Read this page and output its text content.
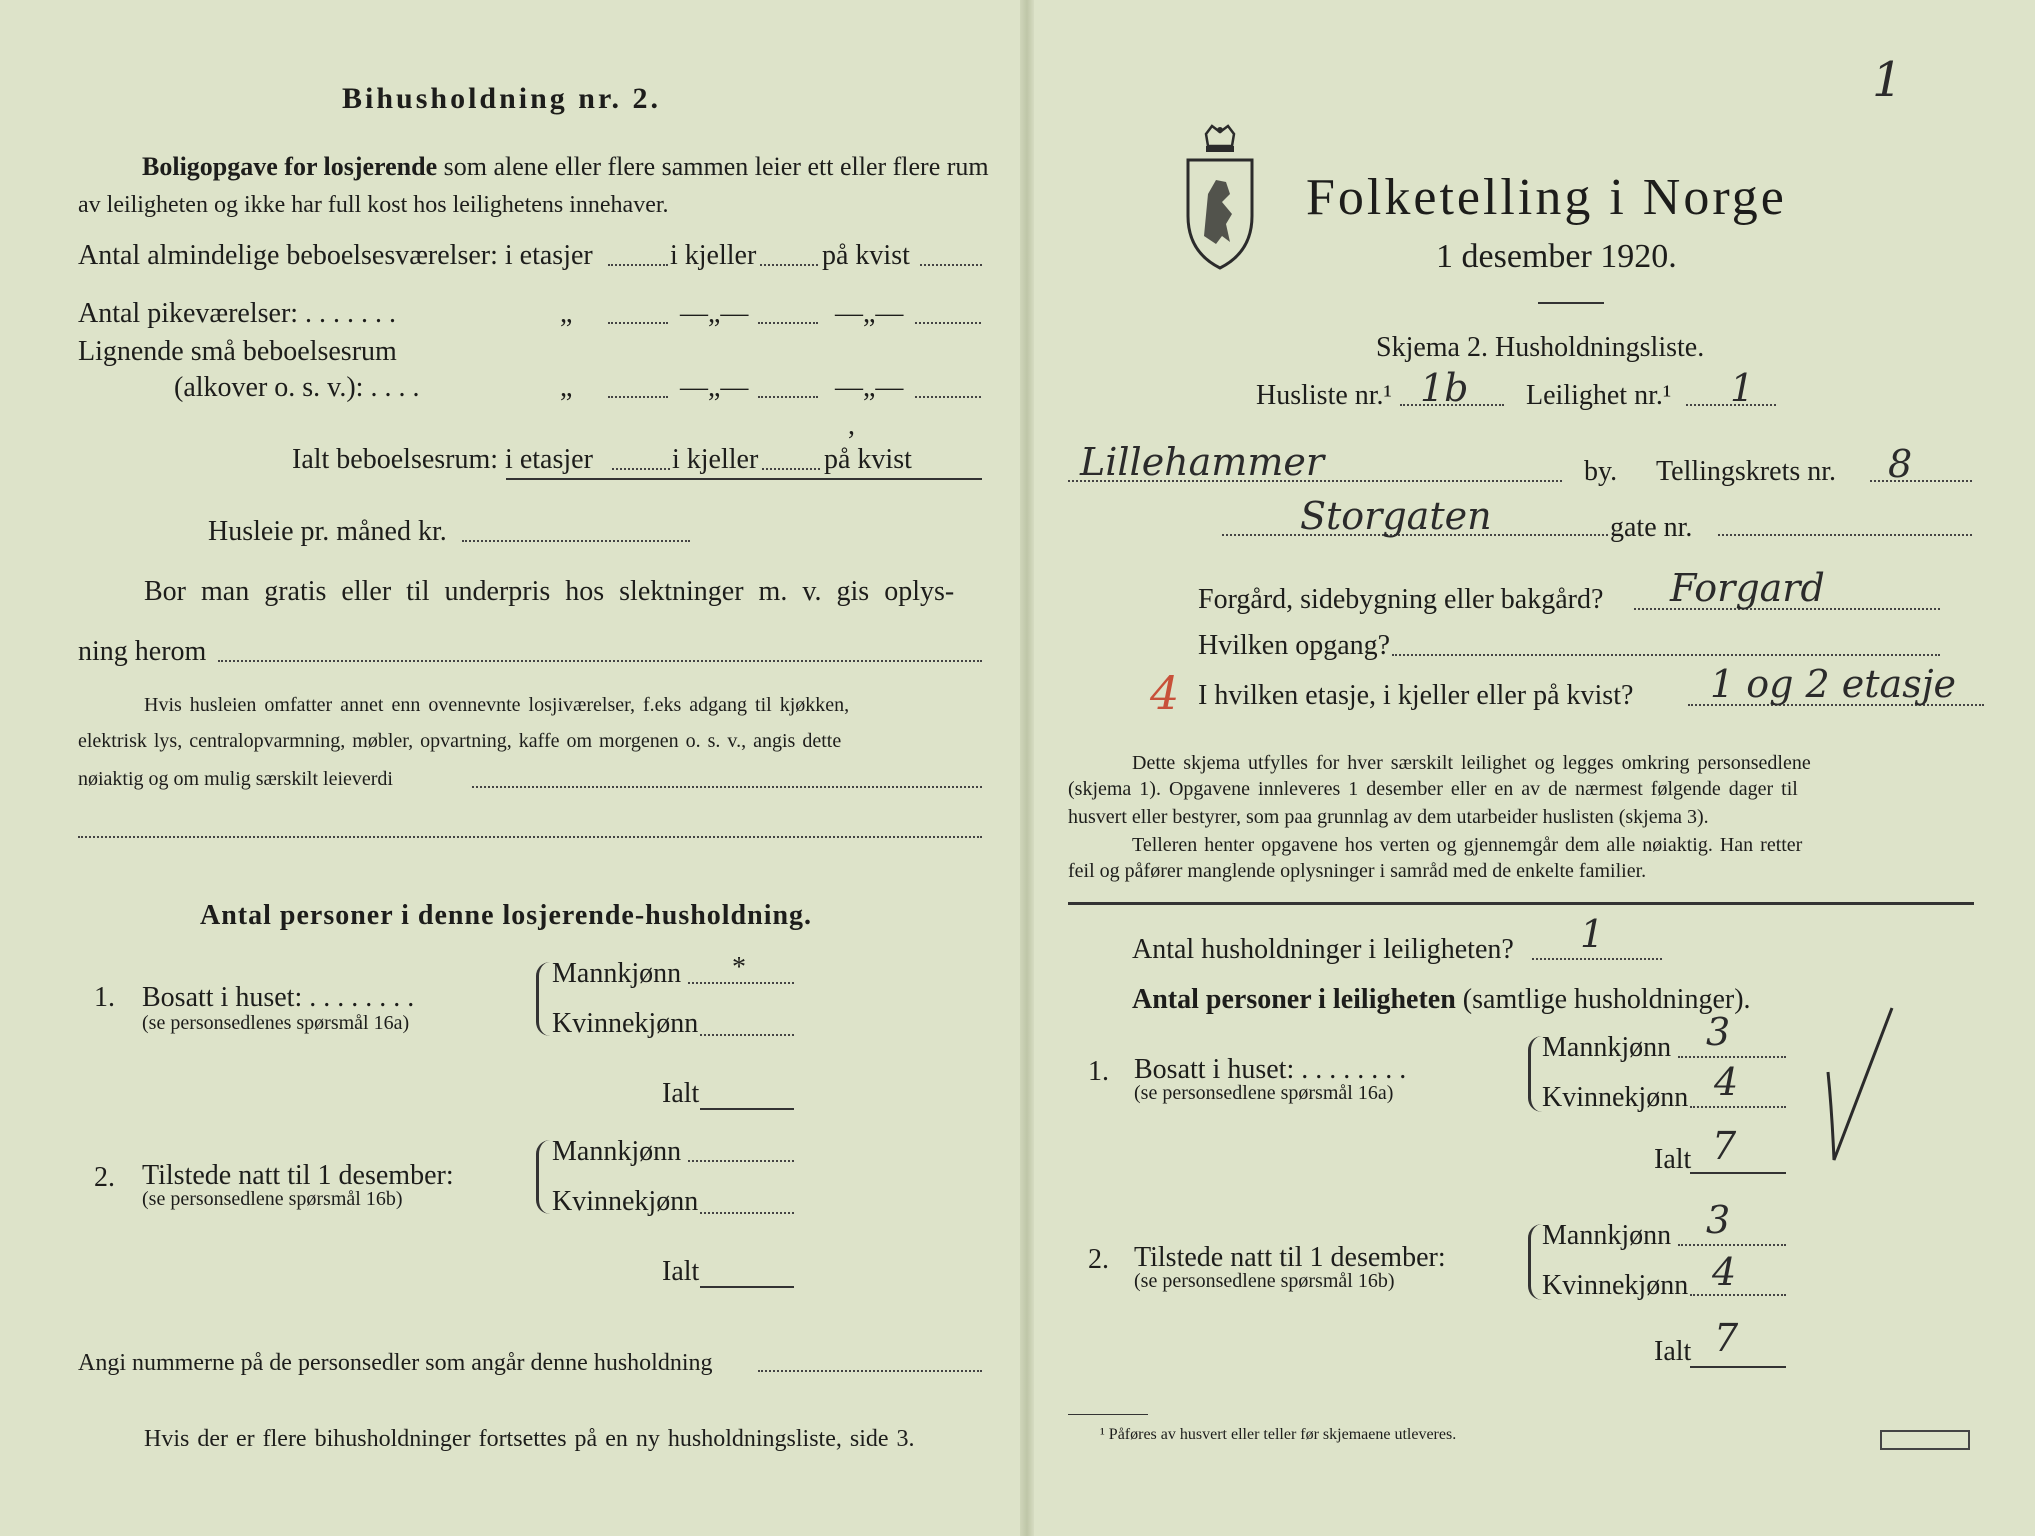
Bihusholdning nr. 2.
Boligopgave for losjerende som alene eller flere sammen leier ett eller flere rum
av leiligheten og ikke har full kost hos leilighetens innehaver.
Antal almindelige beboelsesværelser: i etasjer	i kjeller på kvist
Antal pikeværelser: . . . . . . .	„	—„—	—„—
Lignende små beboelsesrum
(alkover o. s. v.): . . . .	„	—„—	—„—
,
Ialt beboelsesrum: i etasjer	i kjeller på kvist
Husleie pr. måned kr.
Bor man gratis eller til underpris hos slektninger m. v. gis oplys-
ning herom
Hvis husleien omfatter annet enn ovennevnte losjiværelser, f.eks adgang til kjøkken,
elektrisk lys, centralopvarmning, møbler, opvartning, kaffe om morgenen o. s. v., angis dette
nøiaktig og om mulig særskilt leieverdi
Antal personer i denne losjerende-husholdning.
1. Bosatt i huset: . . . . . . . .
(se personsedlenes spørsmål 16a)
Mannkjønn *
Kvinnekjønn
Ialt
2. Tilstede natt til 1 desember:
(se personsedlene spørsmål 16b)
Mannkjønn
Kvinnekjønn
Ialt
Angi nummerne på de personsedler som angår denne husholdning
Hvis der er flere bihusholdninger fortsettes på en ny husholdningsliste, side 3.
1
Folketelling i Norge
1 desember 1920.
Skjema 2. Husholdningsliste.
Husliste nr.¹ 1b Leilighet nr.¹ 1
Lillehammer	by. Tellingskrets nr. 8
Storgaten	gate nr.
Forgård, sidebygning eller bakgård? Forgard
Hvilken opgang?
4 I hvilken etasje, i kjeller eller på kvist? 1 og 2 etasje
Dette skjema utfylles for hver særskilt leilighet og legges omkring personsedlene
(skjema 1). Opgavene innleveres 1 desember eller en av de nærmest følgende dager til
husvert eller bestyrer, som paa grunnlag av dem utarbeider huslisten (skjema 3).
Telleren henter opgavene hos verten og gjennemgår dem alle nøiaktig. Han retter
feil og påfører manglende oplysninger i samråd med de enkelte familier.
Antal husholdninger i leiligheten? 1
Antal personer i leiligheten (samtlige husholdninger).
1. Bosatt i huset: . . . . . . . .
(se personsedlene spørsmål 16a)
Mannkjønn 3
Kvinnekjønn 4
Ialt 7
2. Tilstede natt til 1 desember:
(se personsedlene spørsmål 16b)
Mannkjønn 3
Kvinnekjønn 4
Ialt 7
¹ Påføres av husvert eller teller før skjemaene utleveres.
